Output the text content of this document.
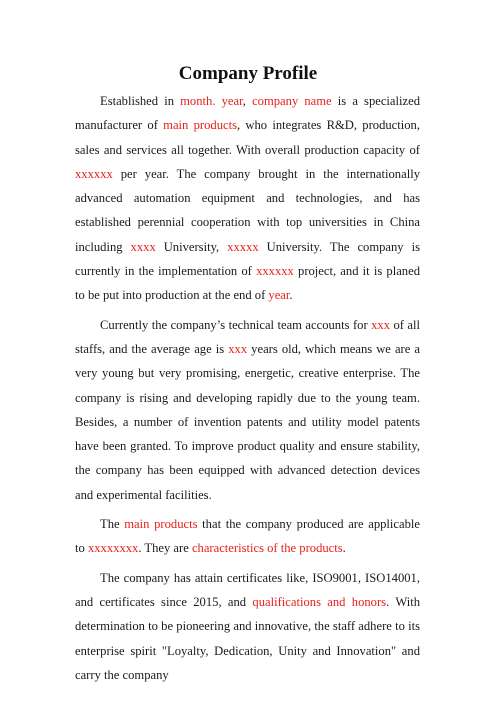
Company Profile

Established in month. year, company name is a specialized manufacturer of main products, who integrates R&D, production, sales and services all together. With overall production capacity of xxxxxx per year. The company brought in the internationally advanced automation equipment and technologies, and has established perennial cooperation with top universities in China including xxxx University, xxxxx University. The company is currently in the implementation of xxxxxx project, and it is planed to be put into production at the end of year.

Currently the company’s technical team accounts for xxx of all staffs, and the average age is xxx years old, which means we are a very young but very promising, energetic, creative enterprise. The company is rising and developing rapidly due to the young team. Besides, a number of invention patents and utility model patents have been granted. To improve product quality and ensure stability, the company has been equipped with advanced detection devices and experimental facilities.

The main products that the company produced are applicable to xxxxxxxx. They are characteristics of the products.

The company has attain certificates like, ISO9001, ISO14001, and certificates since 2015, and qualifications and honors. With determination to be pioneering and innovative, the staff adhere to its enterprise spirit "Loyalty, Dedication, Unity and Innovation" and carry the company
